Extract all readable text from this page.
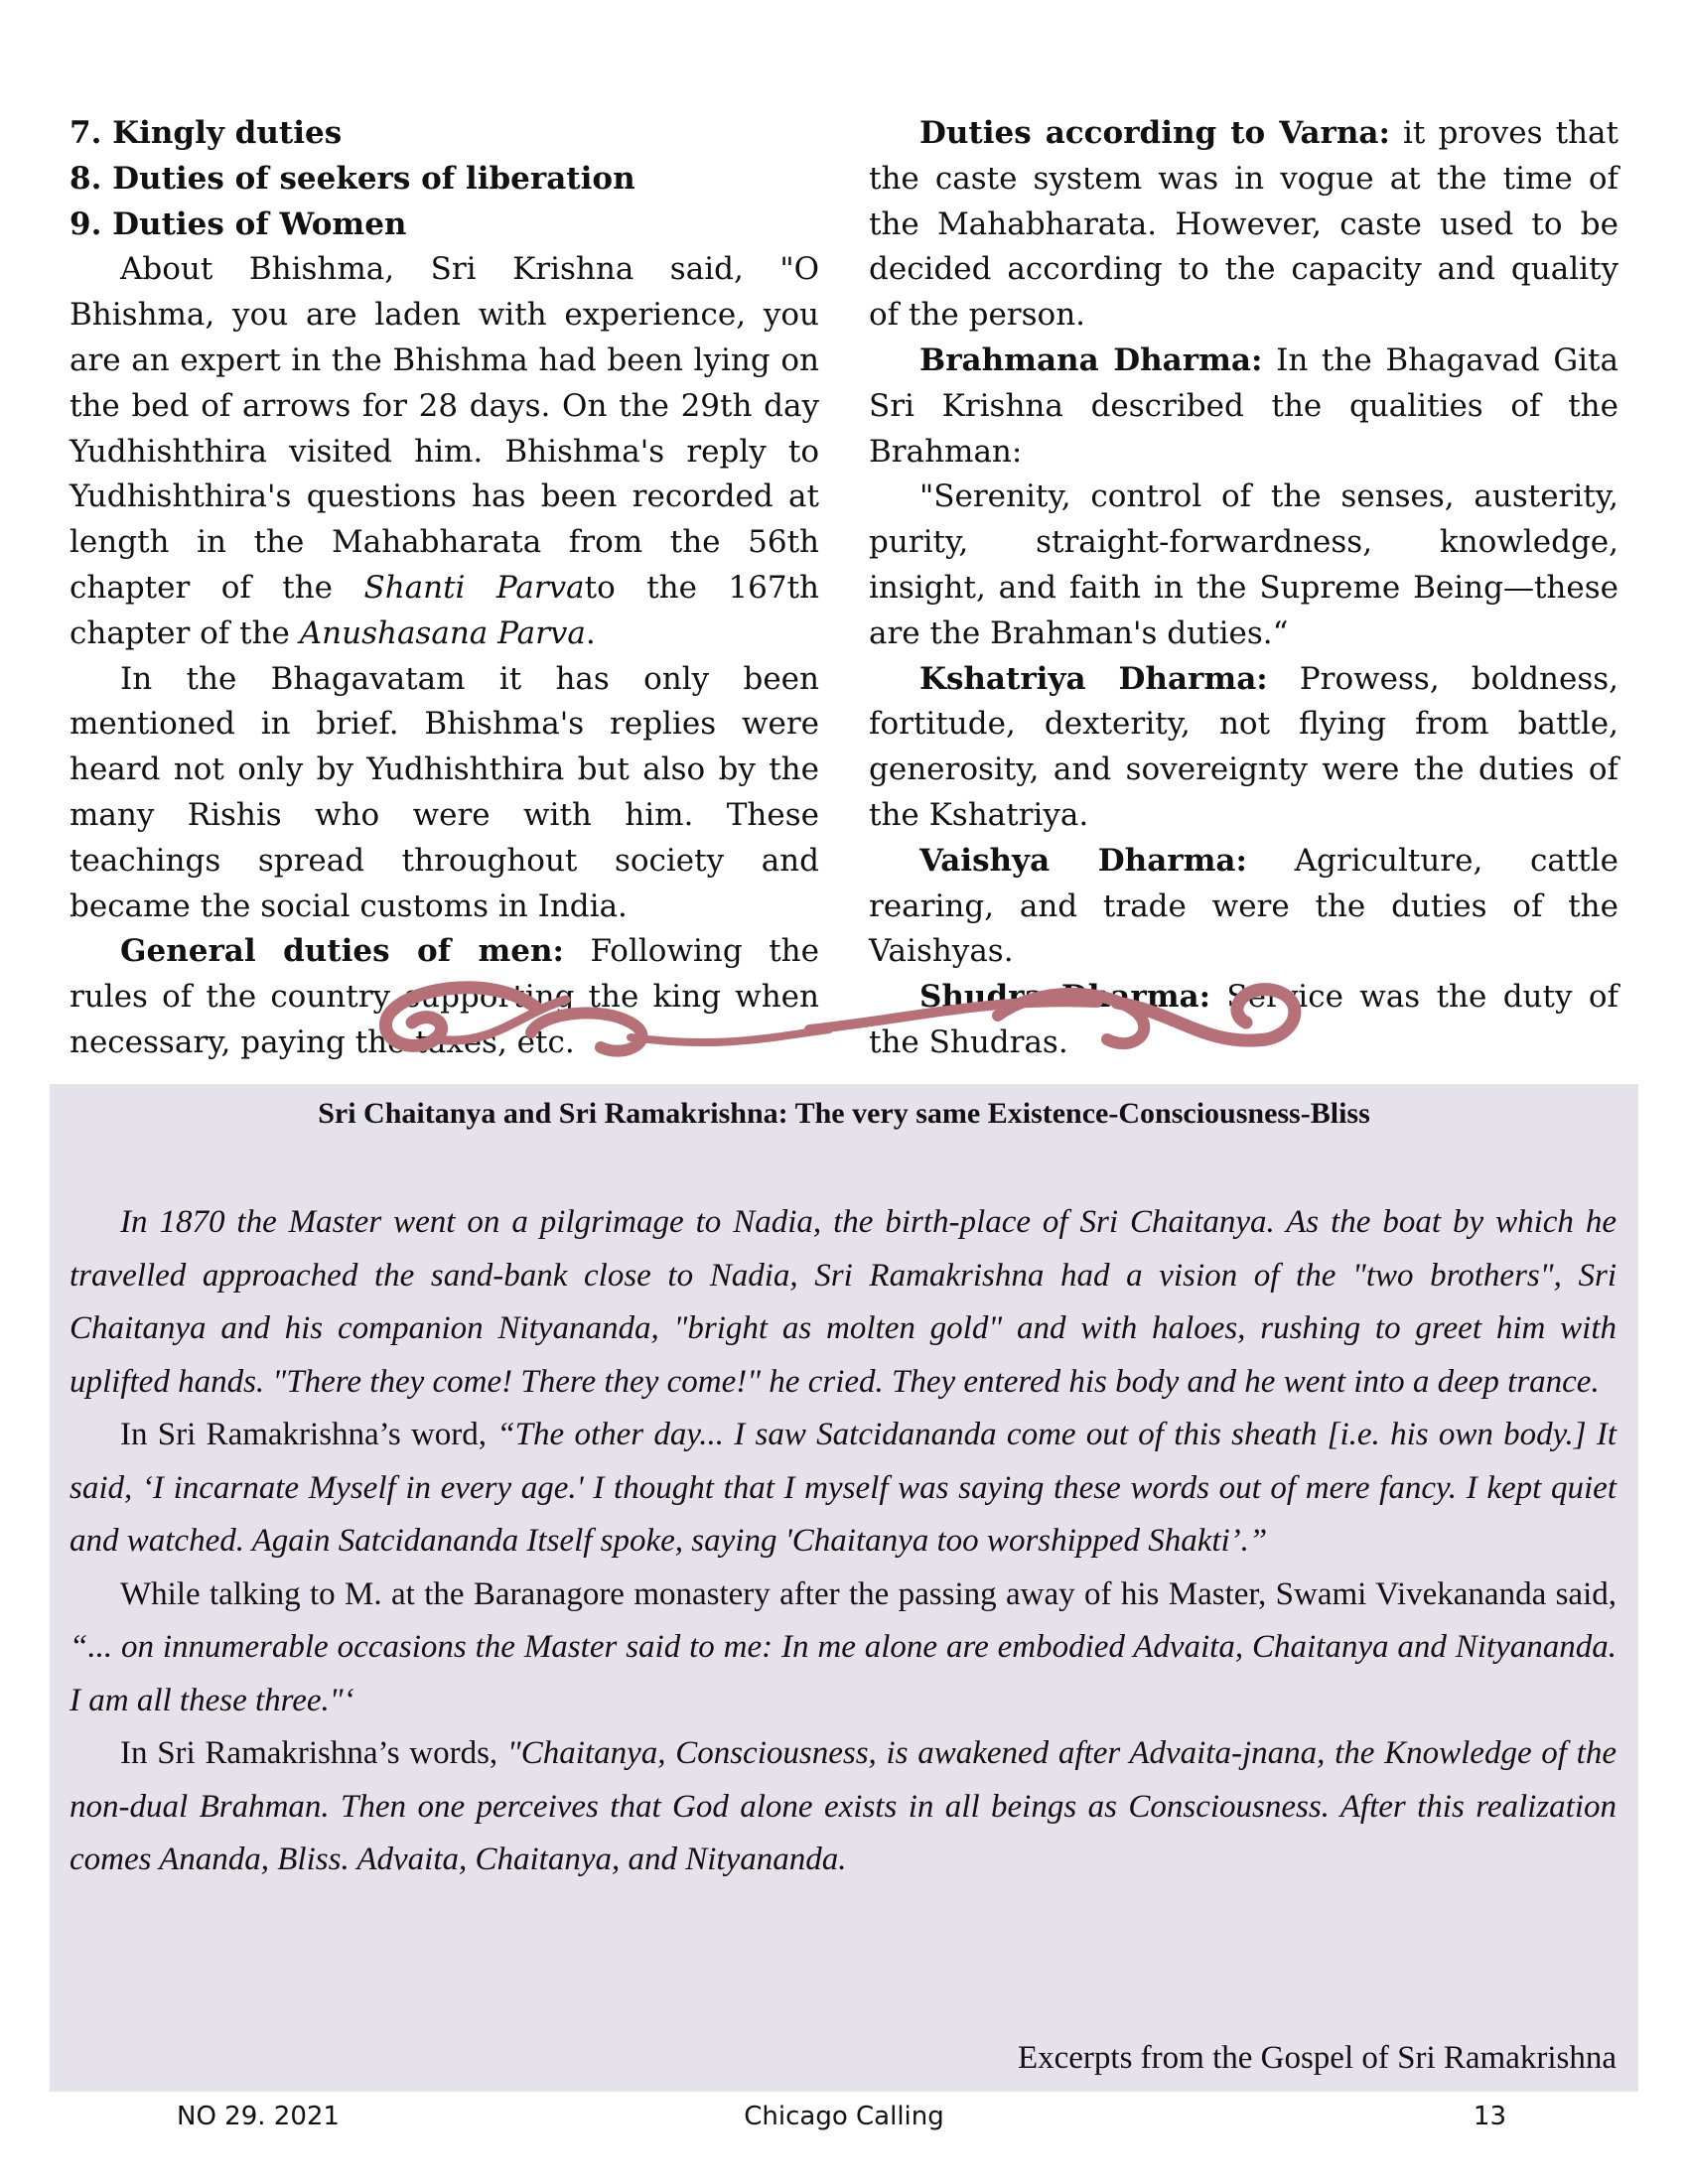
7. Kingly duties

8. Duties of seekers of liberation

9. Duties of Women

About Bhishma, Sri Krishna said, "O Bhishma, you are laden with experience, you are an expert in the Bhishma had been lying on the bed of arrows for 28 days. On the 29th day Yudhishthira visited him. Bhishma's reply to Yudhishthira's questions has been recorded at length in the Mahabharata from the 56th chapter of the Shanti Parvato the 167th chapter of the Anushasana Parva.

In the Bhagavatam it has only been mentioned in brief. Bhishma's replies were heard not only by Yudhishthira but also by the many Rishis who were with him. These teachings spread throughout society and became the social customs in India.

General duties of men: Following the rules of the country supporting the king when necessary, paying the taxes, etc.

Duties according to Varna: it proves that the caste system was in vogue at the time of the Mahabharata. However, caste used to be decided according to the capacity and quality of the person.

Brahmana Dharma: In the Bhagavad Gita Sri Krishna described the qualities of the Brahman:

"Serenity, control of the senses, austerity, purity, straight-forwardness, knowledge, insight, and faith in the Supreme Being—these are the Brahman's duties.“

Kshatriya Dharma: Prowess, boldness, fortitude, dexterity, not flying from battle, generosity, and sovereignty were the duties of the Kshatriya.

Vaishya Dharma: Agriculture, cattle rearing, and trade were the duties of the Vaishyas.

Shudra Dharma: Service was the duty of the Shudras.

Sri Chaitanya and Sri Ramakrishna: The very same Existence-Consciousness-Bliss

In 1870 the Master went on a pilgrimage to Nadia, the birth-place of Sri Chaitanya. As the boat by which he travelled approached the sand-bank close to Nadia, Sri Ramakrishna had a vision of the "two brothers", Sri Chaitanya and his companion Nityananda, "bright as molten gold" and with haloes, rushing to greet him with uplifted hands. "There they come! There they come!" he cried. They entered his body and he went into a deep trance.

In Sri Ramakrishna’s word, “The other day... I saw Satcidananda come out of this sheath [i.e. his own body.] It said, ‘I incarnate Myself in every age.' I thought that I myself was saying these words out of mere fancy. I kept quiet and watched. Again Satcidananda Itself spoke, saying 'Chaitanya too worshipped Shakti’.”

While talking to M. at the Baranagore monastery after the passing away of his Master, Swami Vivekananda said, “... on innumerable occasions the Master said to me: In me alone are embodied Advaita, Chaitanya and Nityananda. I am all these three."‘

In Sri Ramakrishna’s words, "Chaitanya, Consciousness, is awakened after Advaita-jnana, the Knowledge of the non-dual Brahman. Then one perceives that God alone exists in all beings as Consciousness. After this realization comes Ananda, Bliss. Advaita, Chaitanya, and Nityananda.

Excerpts from the Gospel of Sri Ramakrishna
NO 29. 2021	Chicago Calling	13
